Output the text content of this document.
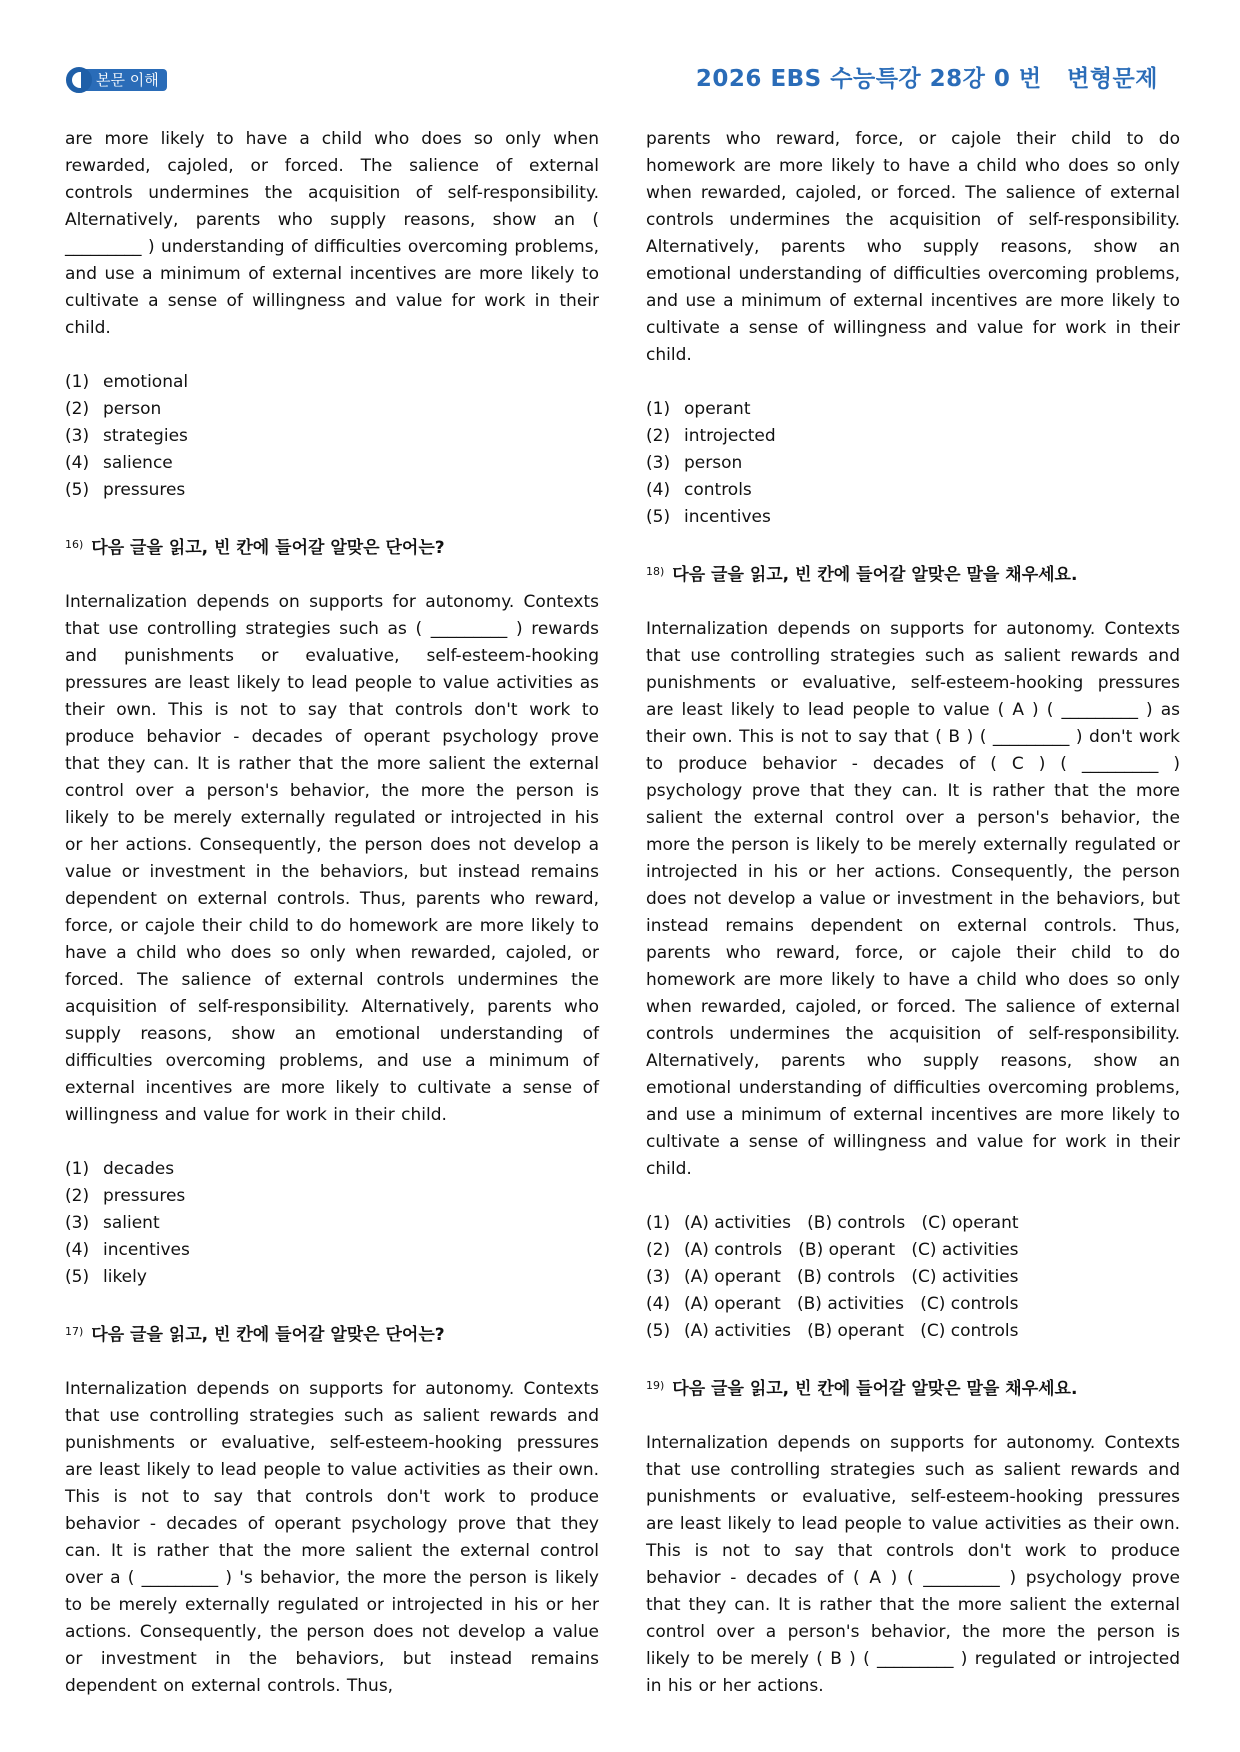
본문 이해	2026 EBS 수능특강 28강 0 번   변형문제

are more likely to have a child who does so only when rewarded, cajoled, or forced. The salience of external controls undermines the acquisition of self-responsibility. Alternatively, parents who supply reasons, show an ( _________ ) understanding of difficulties overcoming problems, and use a minimum of external incentives are more likely to cultivate a sense of willingness and value for work in their child.

(1) emotional

(2) person

(3) strategies

(4) salience

(5) pressures

$^{16)}$ 다음 글을 읽고, 빈 칸에 들어갈 알맞은 단어는?

Internalization depends on supports for autonomy. Contexts that use controlling strategies such as ( _________ ) rewards and punishments or evaluative, self-esteem-hooking pressures are least likely to lead people to value activities as their own. This is not to say that controls don't work to produce behavior - decades of operant psychology prove that they can. It is rather that the more salient the external control over a person's behavior, the more the person is likely to be merely externally regulated or introjected in his or her actions. Consequently, the person does not develop a value or investment in the behaviors, but instead remains dependent on external controls. Thus, parents who reward, force, or cajole their child to do homework are more likely to have a child who does so only when rewarded, cajoled, or forced. The salience of external controls undermines the acquisition of self-responsibility. Alternatively, parents who supply reasons, show an emotional understanding of difficulties overcoming problems, and use a minimum of external incentives are more likely to cultivate a sense of willingness and value for work in their child.

(1) decades

(2) pressures

(3) salient

(4) incentives

(5) likely

$^{17)}$ 다음 글을 읽고, 빈 칸에 들어갈 알맞은 단어는?

Internalization depends on supports for autonomy. Contexts that use controlling strategies such as salient rewards and punishments or evaluative, self-esteem-hooking pressures are least likely to lead people to value activities as their own. This is not to say that controls don't work to produce behavior - decades of operant psychology prove that they can. It is rather that the more salient the external control over a ( _________ ) 's behavior, the more the person is likely to be merely externally regulated or introjected in his or her actions. Consequently, the person does not develop a value or investment in the behaviors, but instead remains dependent on external controls. Thus,

parents who reward, force, or cajole their child to do homework are more likely to have a child who does so only when rewarded, cajoled, or forced. The salience of external controls undermines the acquisition of self-responsibility. Alternatively, parents who supply reasons, show an emotional understanding of difficulties overcoming problems, and use a minimum of external incentives are more likely to cultivate a sense of willingness and value for work in their child.

(1) operant

(2) introjected

(3) person

(4) controls

(5) incentives

$^{18)}$ 다음 글을 읽고, 빈 칸에 들어갈 알맞은 말을 채우세요.

Internalization depends on supports for autonomy. Contexts that use controlling strategies such as salient rewards and punishments or evaluative, self-esteem-hooking pressures are least likely to lead people to value ( A ) ( _________ ) as their own. This is not to say that ( B ) ( _________ ) don't work to produce behavior - decades of ( C ) ( _________ ) psychology prove that they can. It is rather that the more salient the external control over a person's behavior, the more the person is likely to be merely externally regulated or introjected in his or her actions. Consequently, the person does not develop a value or investment in the behaviors, but instead remains dependent on external controls. Thus, parents who reward, force, or cajole their child to do homework are more likely to have a child who does so only when rewarded, cajoled, or forced. The salience of external controls undermines the acquisition of self-responsibility. Alternatively, parents who supply reasons, show an emotional understanding of difficulties overcoming problems, and use a minimum of external incentives are more likely to cultivate a sense of willingness and value for work in their child.

(1) (A) activities   (B) controls   (C) operant

(2) (A) controls   (B) operant   (C) activities

(3) (A) operant   (B) controls   (C) activities

(4) (A) operant   (B) activities   (C) controls

(5) (A) activities   (B) operant   (C) controls

$^{19)}$ 다음 글을 읽고, 빈 칸에 들어갈 알맞은 말을 채우세요.

Internalization depends on supports for autonomy. Contexts that use controlling strategies such as salient rewards and punishments or evaluative, self-esteem-hooking pressures are least likely to lead people to value activities as their own. This is not to say that controls don't work to produce behavior - decades of ( A ) ( _________ ) psychology prove that they can. It is rather that the more salient the external control over a person's behavior, the more the person is likely to be merely ( B ) ( _________ ) regulated or introjected in his or her actions.
